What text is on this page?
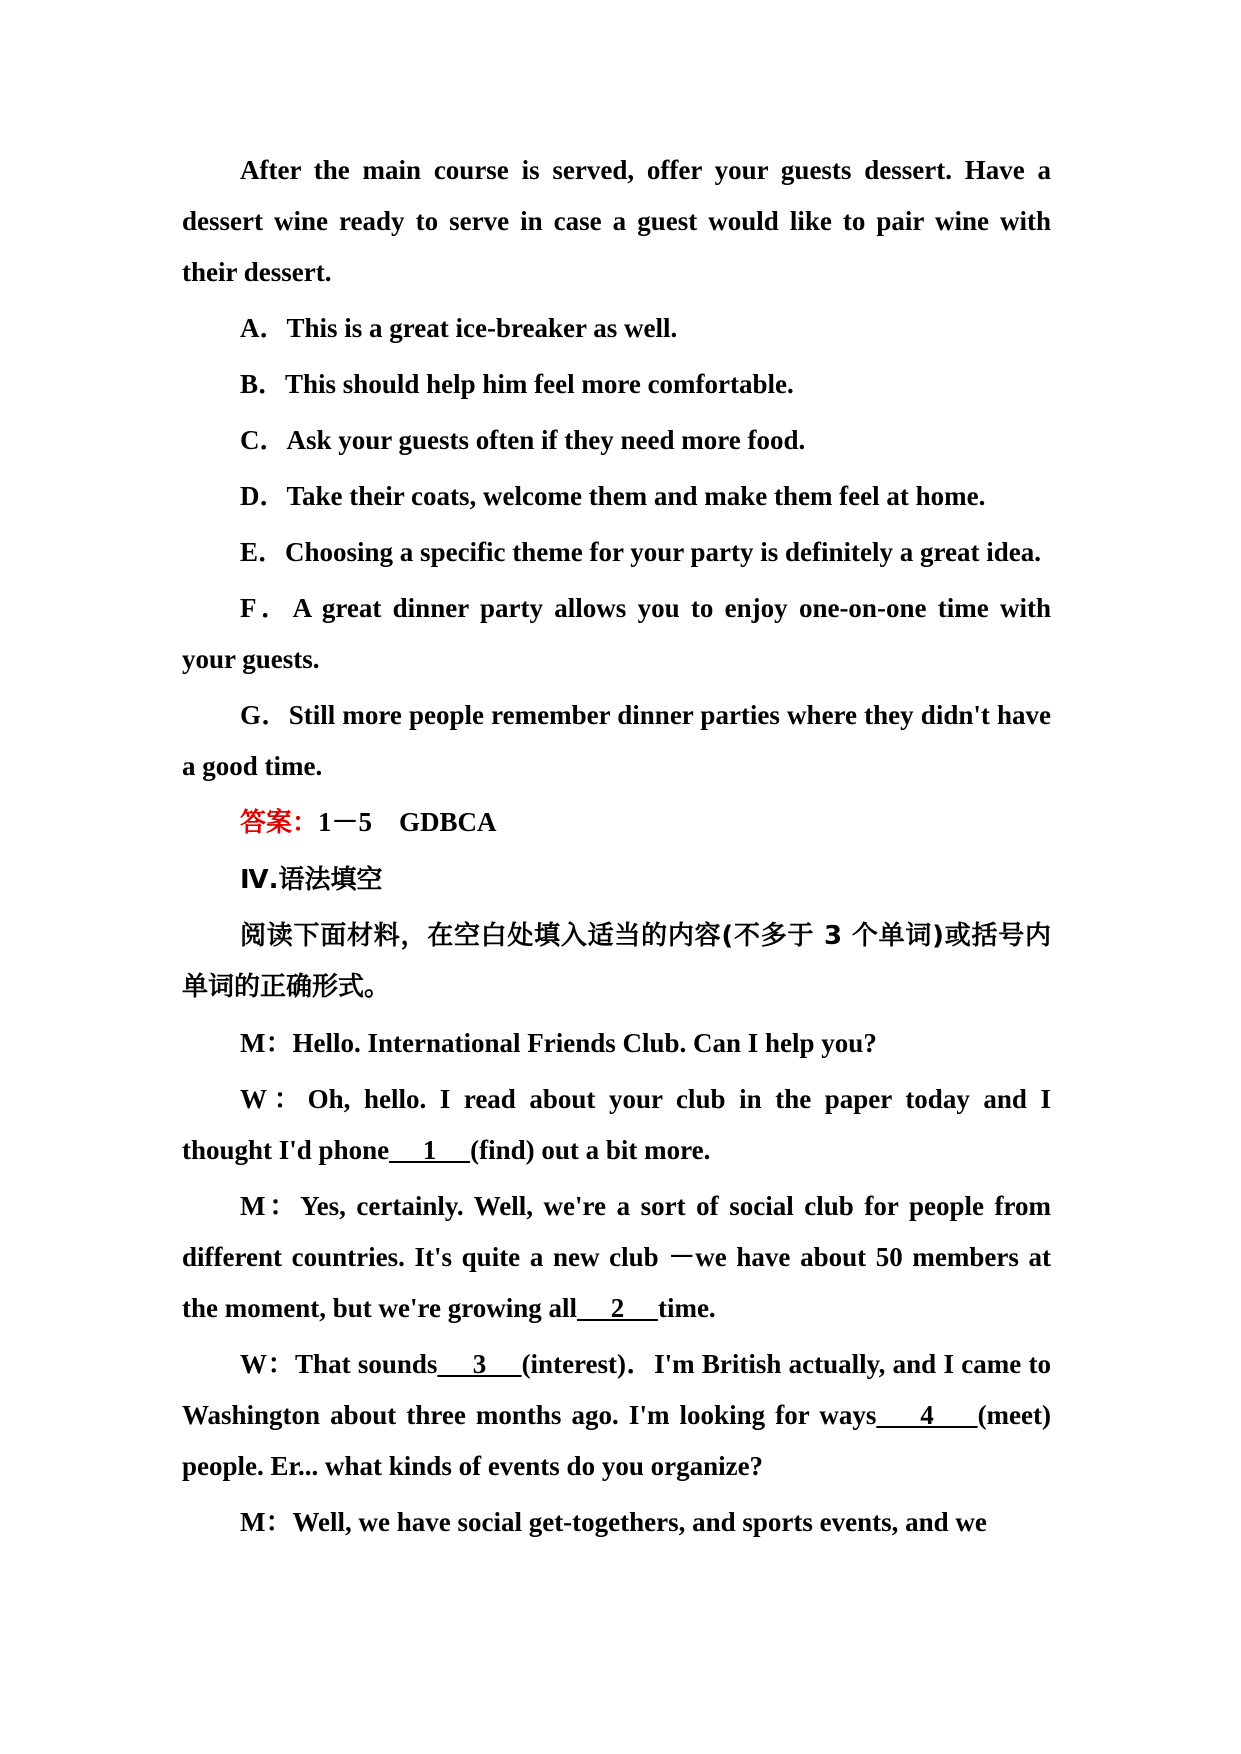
After the main course is served, offer your guests dessert. Have a dessert wine ready to serve in case a guest would like to pair wine with their dessert.

A．This is a great ice-breaker as well.

B．This should help him feel more comfortable.

C．Ask your guests often if they need more food.

D．Take their coats, welcome them and make them feel at home.

E．Choosing a specific theme for your party is definitely a great idea.

F．A great dinner party allows you to enjoy one-on-one time with your guests.

G．Still more people remember dinner parties where they didn't have a good time.

答案：1－5　GDBCA

Ⅳ.语法填空

阅读下面材料，在空白处填入适当的内容(不多于 3 个单词)或括号内单词的正确形式。

M：Hello. International Friends Club. Can I help you?

W：Oh, hello. I read about your club in the paper today and I thought I'd phone　 1　 (find) out a bit more.

M：Yes, certainly. Well, we're a sort of social club for people from different countries. It's quite a new club －we have about 50 members at the moment, but we're growing all　 2　 time.

W：That sounds　 3　 (interest)．I'm British actually, and I came to Washington about three months ago. I'm looking for ways　 4　 (meet) people. Er... what kinds of events do you organize?

M：Well, we have social get-togethers, and sports events, and we
